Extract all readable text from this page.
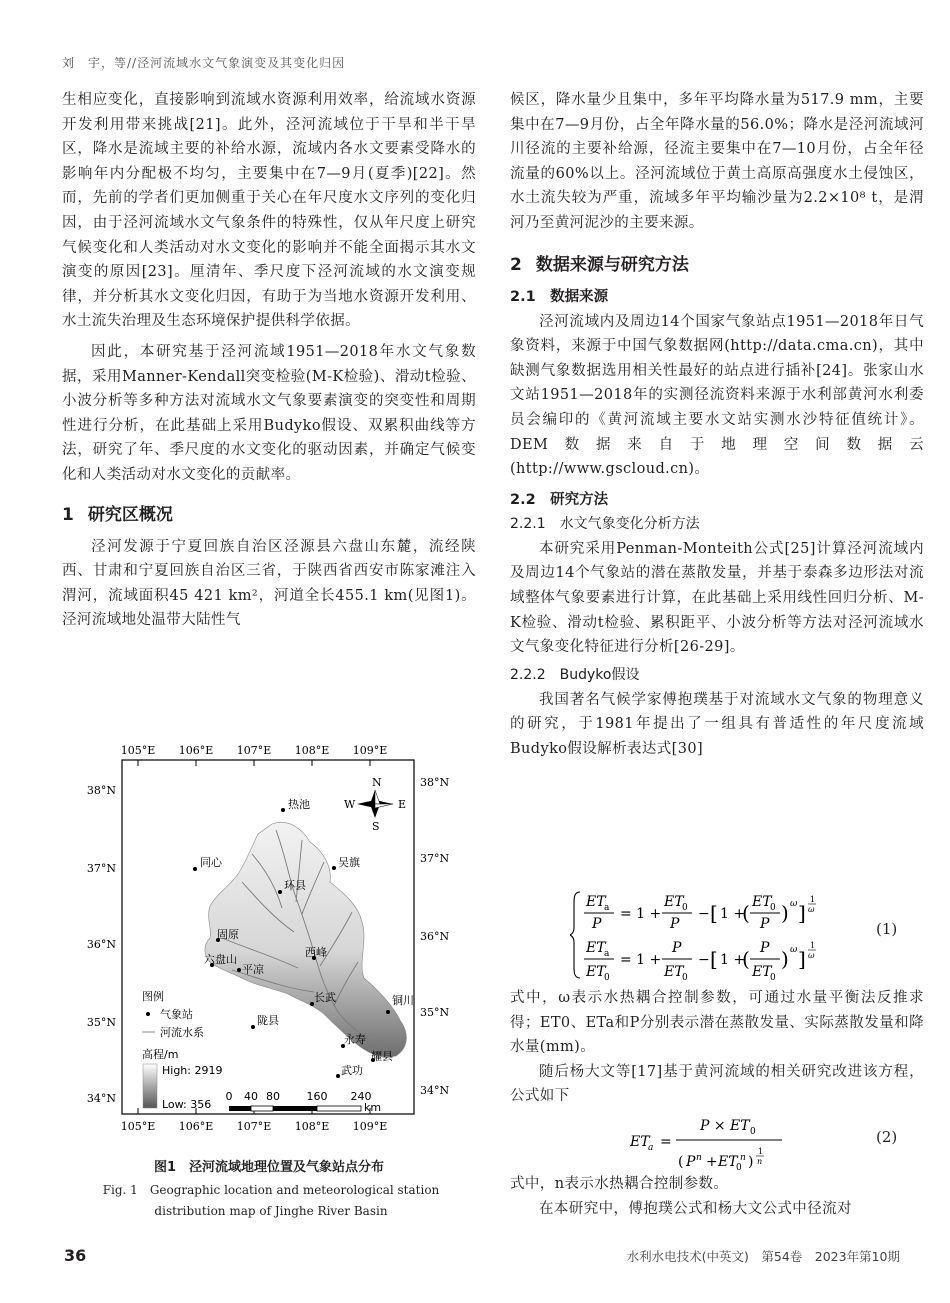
刘　宇，等//泾河流域水文气象演变及其变化归因

生相应变化，直接影响到流域水资源利用效率，给流域水资源开发利用带来挑战[21]。此外，泾河流域位于干旱和半干旱区，降水是流域主要的补给水源，流域内各水文要素受降水的影响年内分配极不均匀，主要集中在7—9月(夏季)[22]。然而，先前的学者们更加侧重于关心在年尺度水文序列的变化归因，由于泾河流域水文气象条件的特殊性，仅从年尺度上研究气候变化和人类活动对水文变化的影响并不能全面揭示其水文演变的原因[23]。厘清年、季尺度下泾河流域的水文演变规律，并分析其水文变化归因，有助于为当地水资源开发利用、水土流失治理及生态环境保护提供科学依据。

因此，本研究基于泾河流域1951—2018年水文气象数据，采用Manner-Kendall突变检验(M-K检验)、滑动t检验、小波分析等多种方法对流域水文气象要素演变的突变性和周期性进行分析，在此基础上采用Budyko假设、双累积曲线等方法，研究了年、季尺度的水文变化的驱动因素，并确定气候变化和人类活动对水文变化的贡献率。

1 研究区概况

泾河发源于宁夏回族自治区泾源县六盘山东麓，流经陕西、甘肃和宁夏回族自治区三省，于陕西省西安市陈家滩注入渭河，流域面积45 421 km²，河道全长455.1 km(见图1)。泾河流域地处温带大陆性气

105°E 106°E 107°E 108°E 109°E
105°E 106°E 107°E 108°E 109°E
38°N
37°N
36°N
35°N
34°N
38°N
37°N
36°N
35°N
34°N
热池
同心	吴旗
环县
固原
西峰
六盘山
平凉
长武	铜川
陇县
永寿
武功
耀县
N
S
E
W
图例
气象站
河流水系
高程/m
High: 2919
Low: 356
0 40 80 160 240
km
图1　泾河流域地理位置及气象站点分布
Fig. 1　Geographic location and meteorological station distribution map of Jinghe River Basin

候区，降水量少且集中，多年平均降水量为517.9 mm，主要集中在7—9月份，占全年降水量的56.0%；降水是泾河流域河川径流的主要补给源，径流主要集中在7—10月份，占全年径流量的60%以上。泾河流域位于黄土高原高强度水土侵蚀区，水土流失较为严重，流域多年平均输沙量为2.2×10⁸ t，是渭河乃至黄河泥沙的主要来源。

2 数据来源与研究方法
2.1　数据来源

泾河流域内及周边14个国家气象站点1951—2018年日气象资料，来源于中国气象数据网(http://data.cma.cn)，其中缺测气象数据选用相关性最好的站点进行插补[24]。张家山水文站1951—2018年的实测径流资料来源于水利部黄河水利委员会编印的《黄河流域主要水文站实测水沙特征值统计》。DEM数据来自于地理空间数据云(http://www.gscloud.cn)。

2.2　研究方法
2.2.1　水文气象变化分析方法

本研究采用Penman-Monteith公式[25]计算泾河流域内及周边14个气象站的潜在蒸散发量，并基于泰森多边形法对流域整体气象要素进行计算，在此基础上采用线性回归分析、M-K检验、滑动t检验、累积距平、小波分析等方法对泾河流域水文气象变化特征进行分析[26-29]。

2.2.2　Budyko假设

我国著名气候学家傅抱璞基于对流域水文气象的物理意义的研究，于1981年提出了一组具有普适性的年尺度流域Budyko假设解析表达式[30]

ET
a
P
= 1 +
ET
0
P
− [ 1 +
( ET
0
P ) ω ]
1
ω
ET
a
ET
0
= 1 +
P
ET
0
− [ 1 +
( P
ET
0
) ω ]
1
ω
(1)

式中，ω表示水热耦合控制参数，可通过水量平衡法反推求得；ET0、ETa和P分别表示潜在蒸散发量、实际蒸散发量和降水量(mm)。

随后杨大文等[17]基于黄河流域的相关研究改进该方程，公式如下

ET
a =
P × ET 0
( P n + ET
0
n )
1
n
(2)

式中，n表示水热耦合控制参数。

在本研究中，傅抱璞公式和杨大文公式中径流对

36	水利水电技术(中英文)　第54卷　2023年第10期
